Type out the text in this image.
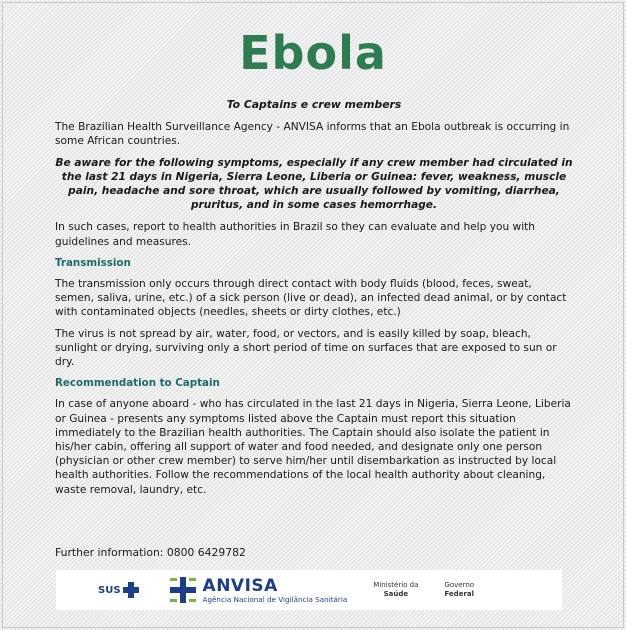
Ebola
To Captains e crew members

The Brazilian Health Surveillance Agency - ANVISA informs that an Ebola outbreak is occurring in some African countries.

Be aware for the following symptoms, especially if any crew member had circulated in the last 21 days in Nigeria, Sierra Leone, Liberia or Guinea: fever, weakness, muscle pain, headache and sore throat, which are usually followed by vomiting, diarrhea, pruritus, and in some cases hemorrhage.

In such cases, report to health authorities in Brazil so they can evaluate and help you with guidelines and measures.

Transmission

The transmission only occurs through direct contact with body fluids (blood, feces, sweat, semen, saliva, urine, etc.) of a sick person (live or dead), an infected dead animal, or by contact with contaminated objects (needles, sheets or dirty clothes, etc.)

The virus is not spread by air, water, food, or vectors, and is easily killed by soap, bleach, sunlight or drying, surviving only a short period of time on surfaces that are exposed to sun or dry.

Recommendation to Captain

In case of anyone aboard - who has circulated in the last 21 days in Nigeria, Sierra Leone, Liberia or Guinea - presents any symptoms listed above the Captain must report this situation immediately to the Brazilian health authorities. The Captain should also isolate the patient in his/her cabin, offering all support of water and food needed, and designate only one person (physician or other crew member) to serve him/her until disembarkation as instructed by local health authorities. Follow the recommendations of the local health authority about cleaning, waste removal, laundry, etc.

Further information: 0800 6429782
SUS	ANVISA
Agência Nacional de Vigilância Sanitária
Ministério da
Saúde
Governo
Federal
